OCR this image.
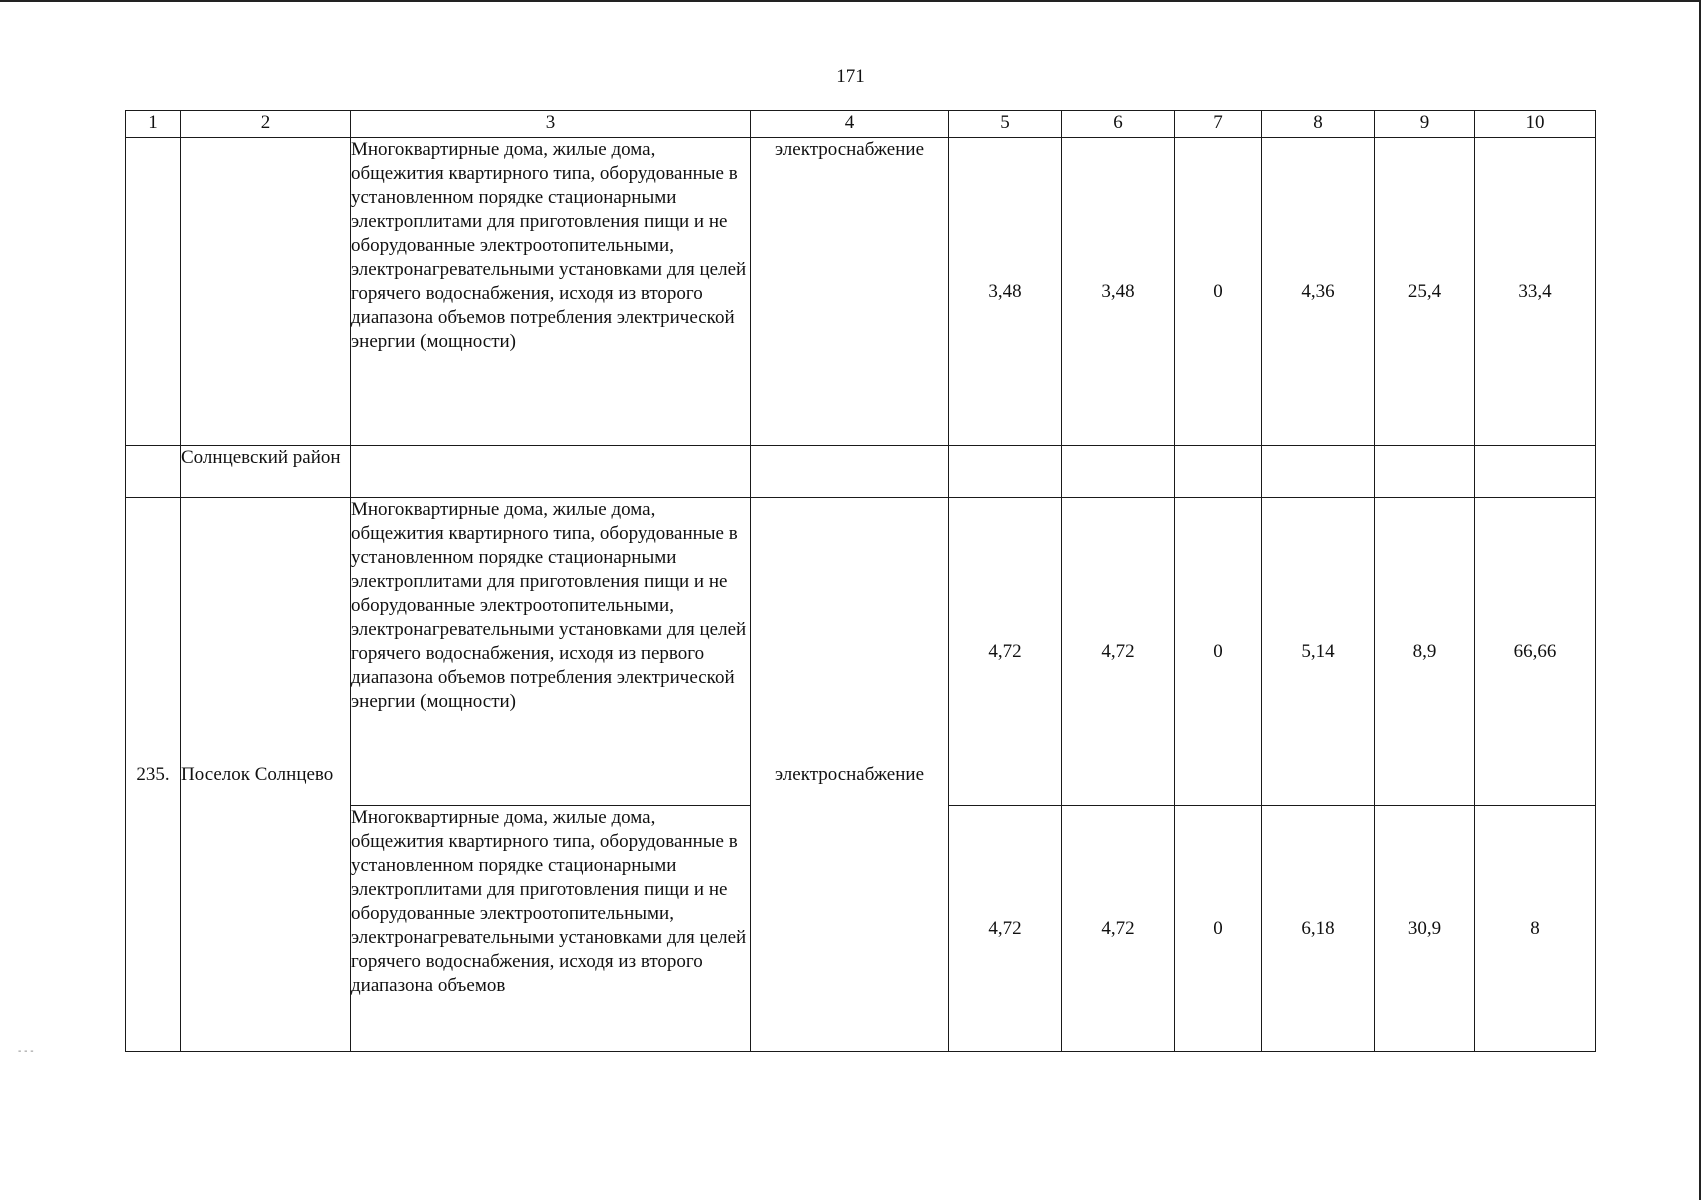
171
1	2	3	4	5	6	7	8	9	10
		Многоквартирные дома, жилые дома, общежития квартирного типа, оборудованные в установленном порядке стационарными электроплитами для приготовления пищи и не оборудованные электроотопительными, электронагревательными установками для целей горячего водоснабжения, исходя из второго диапазона объемов потребления электрической энергии (мощности)	электроснабжение	3,48	3,48	0	4,36	25,4	33,4
	Солнцевский район								
235.	Поселок Солнцево	Многоквартирные дома, жилые дома, общежития квартирного типа, оборудованные в установленном порядке стационарными электроплитами для приготовления пищи и не оборудованные электроотопительными, электронагревательными установками для целей горячего водоснабжения, исходя из первого диапазона объемов потребления электрической энергии (мощности)	электроснабжение	4,72	4,72	0	5,14	8,9	66,66
		Многоквартирные дома, жилые дома, общежития квартирного типа, оборудованные в установленном порядке стационарными электроплитами для приготовления пищи и не оборудованные электроотопительными, электронагревательными установками для целей горячего водоснабжения, исходя из второго диапазона объемов		4,72	4,72	0	6,18	30,9	8
- - -
